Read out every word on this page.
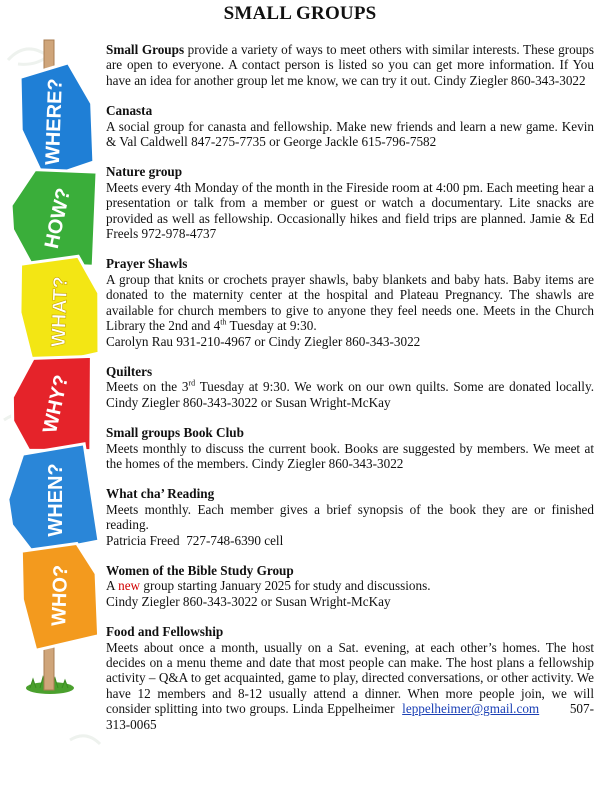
WHERE?
HOW?
WHAT?
WHY?
WHEN?
WHO?
SMALL GROUPS

Small Groups provide a variety of ways to meet others with similar interests. These groups are open to everyone. A contact person is listed so you can get more information. If You have an idea for another group let me know, we can try it out. Cindy Ziegler 860-343-3022

Canasta

A social group for canasta and fellowship. Make new friends and learn a new game. Kevin & Val Caldwell 847-275-7735 or George Jackle 615-796-7582

Nature group

Meets every 4th Monday of the month in the Fireside room at 4:00 pm. Each meeting hear a presentation or talk from a member or guest or watch a documentary. Lite snacks are provided as well as fellowship. Occasionally hikes and field trips are planned. Jamie & Ed Freels 972-978-4737

Prayer Shawls

A group that knits or crochets prayer shawls, baby blankets and baby hats. Baby items are donated to the maternity center at the hospital and Plateau Pregnancy. The shawls are available for church members to give to anyone they feel needs one. Meets in the Church Library the 2nd and 4th Tuesday at 9:30.

Carolyn Rau 931-210-4967 or Cindy Ziegler 860-343-3022

Quilters

Meets on the 3rd Tuesday at 9:30. We work on our own quilts. Some are donated locally. Cindy Ziegler 860-343-3022 or Susan Wright-McKay

Small groups Book Club

Meets monthly to discuss the current book. Books are suggested by members. We meet at the homes of the members. Cindy Ziegler 860-343-3022

What cha’ Reading

Meets monthly. Each member gives a brief synopsis of the book they are or finished reading.

Patricia Freed  727-748-6390 cell

Women of the Bible Study Group

A new group starting January 2025 for study and discussions.

Cindy Ziegler 860-343-3022 or Susan Wright-McKay

Food and Fellowship

Meets about once a month, usually on a Sat. evening, at each other’s homes. The host decides on a menu theme and date that most people can make. The host plans a fellowship activity – Q&A to get acquainted, game to play, directed conversations, or other activity. We have 12 members and 8-12 usually attend a dinner. When more people join, we will consider splitting into two groups. Linda Eppelheimer leppelheimer@gmail.com 507-313-0065
